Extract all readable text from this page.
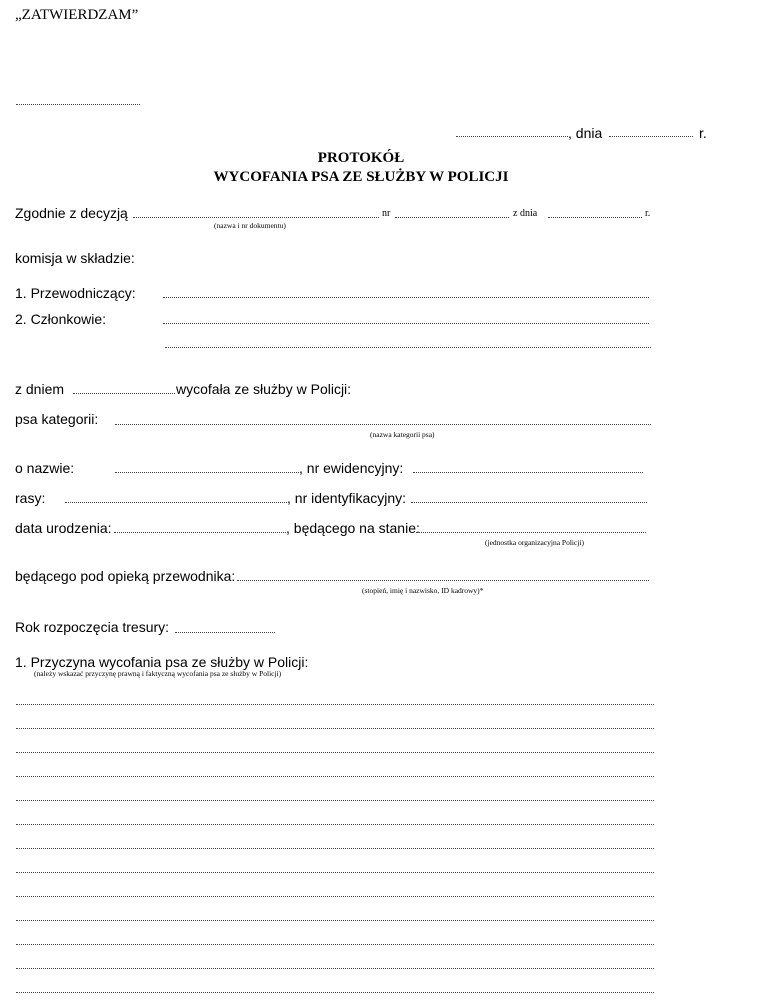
„ZATWIERDZAM”
, dnia	r.
PROTOKÓŁ
WYCOFANIA PSA ZE SŁUŻBY W POLICJI
Zgodnie z decyzją	nr	z dnia	r.
(nazwa i nr dokumentu)
komisja w składzie:
1. Przewodniczący:
2. Członkowie:
z dniem	wycofała ze służby w Policji:
psa kategorii:
(nazwa kategorii psa)
o nazwie:	, nr ewidencyjny:
rasy:	, nr identyfikacyjny:
data urodzenia:	, będącego na stanie:
(jednostka organizacyjna Policji)
będącego pod opieką przewodnika:
(stopień, imię i nazwisko, ID kadrowy)*
Rok rozpoczęcia tresury:
1. Przyczyna wycofania psa ze służby w Policji:
(należy wskazać przyczynę prawną i faktyczną wycofania psa ze służby w Policji)
